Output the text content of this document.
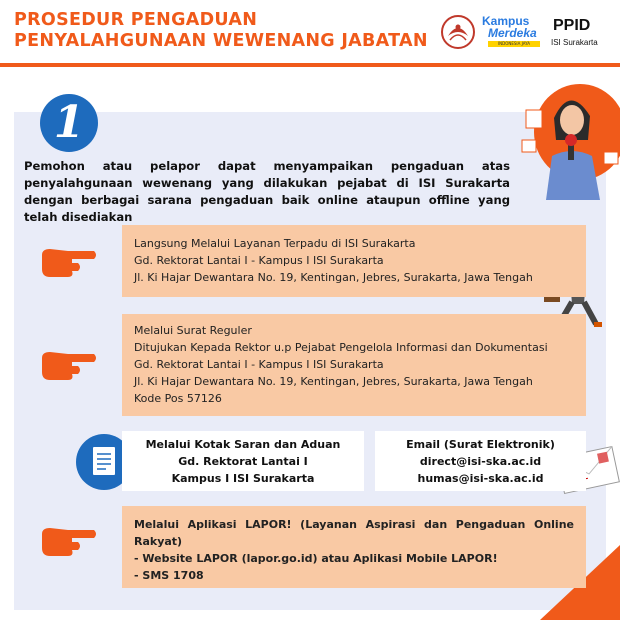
PROSEDUR PENGADUAN
PENYALAHGUNAAN WEWENANG JABATAN
Kampus
Merdeka
INDONESIA JAYA
PPID
ISI Surakarta
1
Pemohon atau pelapor dapat menyampaikan pengaduan atas penyalahgunaan wewenang yang dilakukan pejabat di ISI Surakarta dengan berbagai sarana pengaduan baik online ataupun offline yang telah disediakan
Langsung Melalui Layanan Terpadu di ISI Surakarta
Gd. Rektorat Lantai I - Kampus I ISI Surakarta
Jl. Ki Hajar Dewantara No. 19, Kentingan, Jebres, Surakarta, Jawa Tengah
Melalui Surat Reguler
Ditujukan Kepada Rektor u.p Pejabat Pengelola Informasi dan Dokumentasi
Gd. Rektorat Lantai I - Kampus I ISI Surakarta
Jl. Ki Hajar Dewantara No. 19, Kentingan, Jebres, Surakarta, Jawa Tengah
Kode Pos 57126
Melalui Kotak Saran dan Aduan
Gd. Rektorat Lantai I
Kampus I ISI Surakarta
Email (Surat Elektronik)
direct@isi-ska.ac.id
humas@isi-ska.ac.id
Melalui Aplikasi LAPOR! (Layanan Aspirasi dan Pengaduan Online Rakyat)
- Website LAPOR (lapor.go.id) atau Aplikasi Mobile LAPOR!
- SMS 1708
